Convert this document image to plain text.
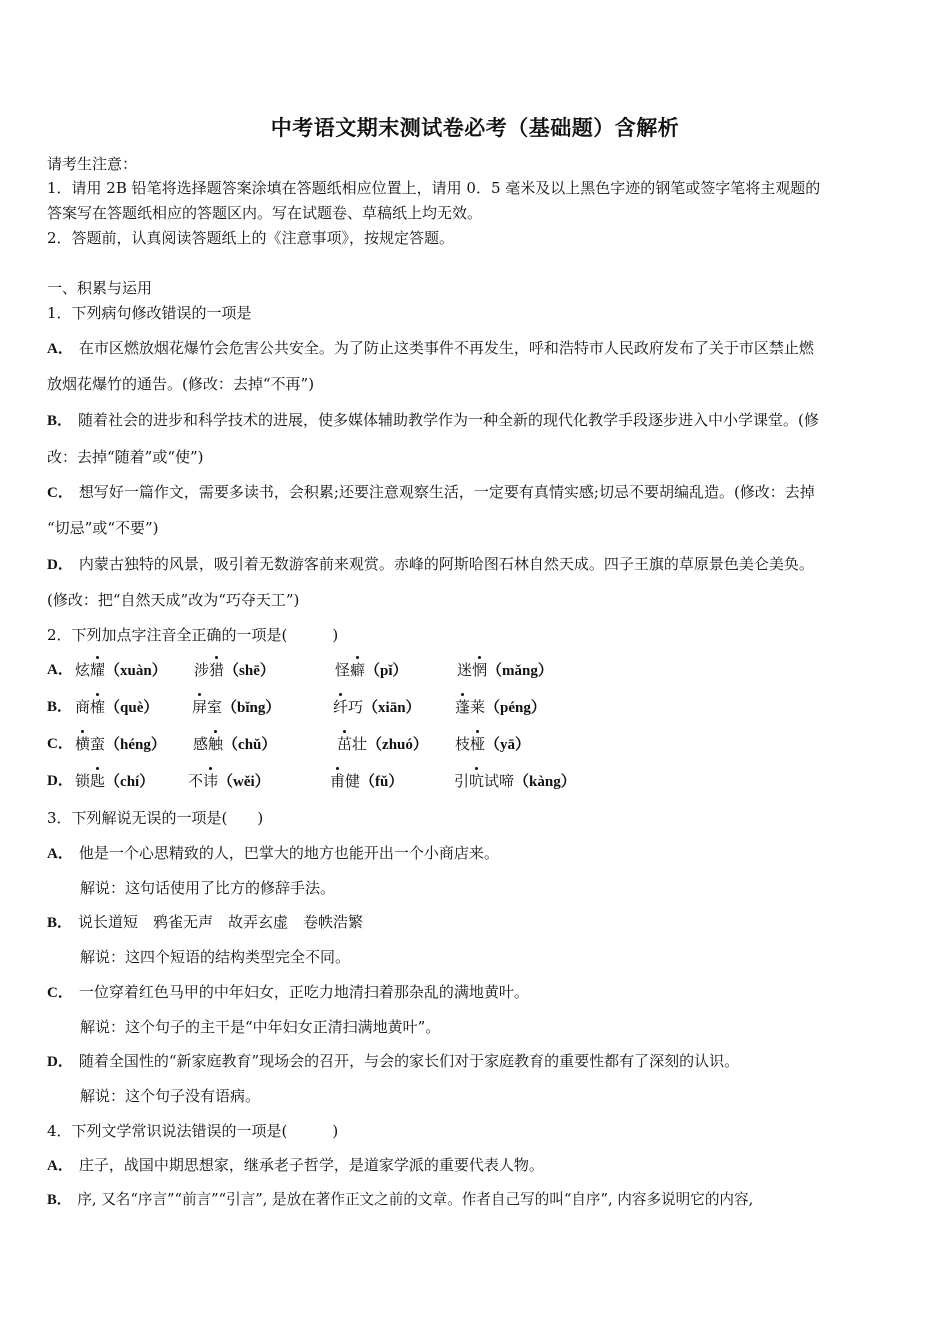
中考语文期末测试卷必考（基础题）含解析
请考生注意：
1．请用 2B 铅笔将选择题答案涂填在答题纸相应位置上，请用 0．5 毫米及以上黑色字迹的钢笔或签字笔将主观题的
答案写在答题纸相应的答题区内。写在试题卷、草稿纸上均无效。
2．答题前，认真阅读答题纸上的《注意事项》，按规定答题。
一、积累与运用
1．下列病句修改错误的一项是
A． 在市区燃放烟花爆竹会危害公共安全。为了防止这类事件不再发生，呼和浩特市人民政府发布了关于市区禁止燃
放烟花爆竹的通告。(修改：去掉“不再”)
B． 随着社会的进步和科学技术的进展，使多媒体辅助教学作为一种全新的现代化教学手段逐步进入中小学课堂。(修
改：去掉“随着”或“使”)
C． 想写好一篇作文，需要多读书，会积累;还要注意观察生活，一定要有真情实感;切忌不要胡编乱造。(修改：去掉
“切忌”或“不要”)
D． 内蒙古独特的风景，吸引着无数游客前来观赏。赤峰的阿斯哈图石林自然天成。四子王旗的草原景色美仑美奂。
(修改：把“自然天成”改为“巧夺天工”)
2．下列加点字注音全正确的一项是(　　　)
A． 炫耀（xuàn） 涉猎（shē）	怪癖（pǐ）	迷惘（mǎng）
B． 商榷（què） 屏室（bǐng）	纤巧（xiān） 蓬莱（péng）
C． 横蛮（héng） 感触（chǔ）	茁壮（zhuó） 枝桠（yā）
D． 锁匙（chí） 不讳（wěi）	甫健（fǔ）	引吭试啼（kàng）
3．下列解说无误的一项是(　　)
A． 他是一个心思精致的人，巴掌大的地方也能开出一个小商店来。
解说：这句话使用了比方的修辞手法。
B． 说长道短　鸦雀无声　故弄玄虚　卷帙浩繁
解说：这四个短语的结构类型完全不同。
C． 一位穿着红色马甲的中年妇女，正吃力地清扫着那杂乱的满地黄叶。
解说：这个句子的主干是“中年妇女正清扫满地黄叶”。
D． 随着全国性的“新家庭教育”现场会的召开，与会的家长们对于家庭教育的重要性都有了深刻的认识。
解说：这个句子没有语病。
4．下列文学常识说法错误的一项是(　　　)
A． 庄子，战国中期思想家，继承老子哲学，是道家学派的重要代表人物。
B． 序, 又名“序言”“前言”“引言”, 是放在著作正文之前的文章。作者自己写的叫“自序”, 内容多说明它的内容,
